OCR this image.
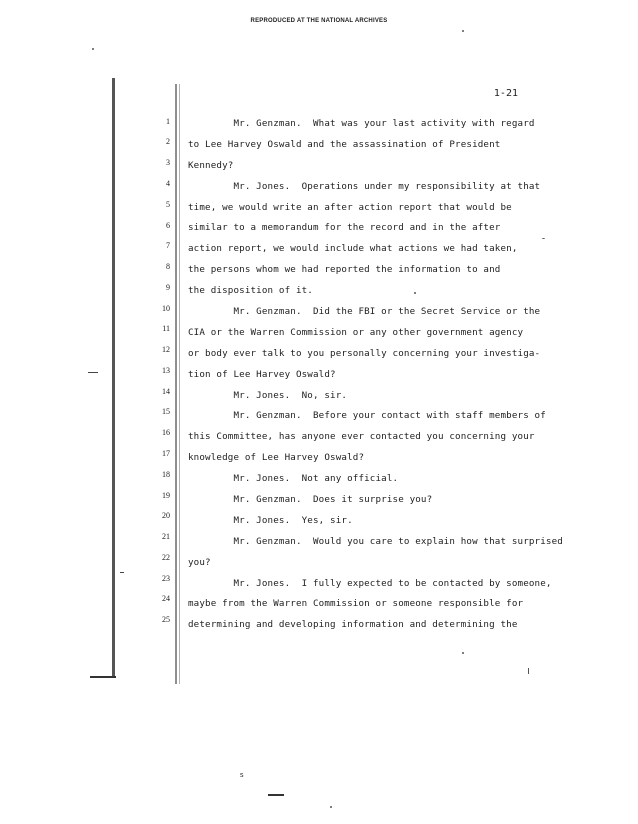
REPRODUCED AT THE NATIONAL ARCHIVES
1-21
1
2
3
4
5
6
7
8
9
10
11
12
13
14
15
16
17
18
19
20
21
22
23
24
25
Mr. Genzman.  What was your last activity with regard
to Lee Harvey Oswald and the assassination of President
Kennedy?
Mr. Jones.  Operations under my responsibility at that
time, we would write an after action report that would be
similar to a memorandum for the record and in the after
action report, we would include what actions we had taken,
the persons whom we had reported the information to and
the disposition of it.
Mr. Genzman.  Did the FBI or the Secret Service or the
CIA or the Warren Commission or any other government agency
or body ever talk to you personally concerning your investiga-
tion of Lee Harvey Oswald?
Mr. Jones.  No, sir.
Mr. Genzman.  Before your contact with staff members of
this Committee, has anyone ever contacted you concerning your
knowledge of Lee Harvey Oswald?
Mr. Jones.  Not any official.
Mr. Genzman.  Does it surprise you?
Mr. Jones.  Yes, sir.
Mr. Genzman.  Would you care to explain how that surprised
you?
Mr. Jones.  I fully expected to be contacted by someone,
maybe from the Warren Commission or someone responsible for
determining and developing information and determining the
s
